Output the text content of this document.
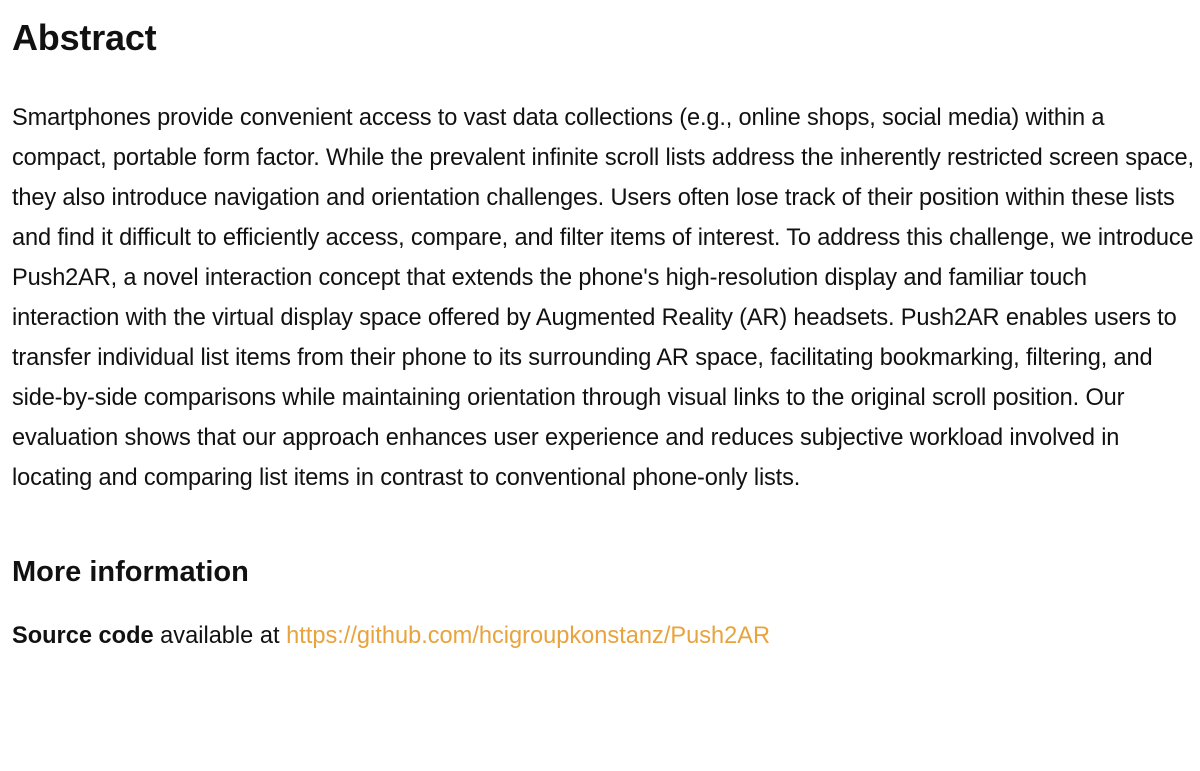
Abstract

Smartphones provide convenient access to vast data collections (e.g., online shops, social media) within a compact, portable form factor. While the prevalent infinite scroll lists address the inherently restricted screen space, they also introduce navigation and orientation challenges. Users often lose track of their position within these lists and find it difficult to efficiently access, compare, and filter items of interest. To address this challenge, we introduce Push2AR, a novel interaction concept that extends the phone's high-resolution display and familiar touch interaction with the virtual display space offered by Augmented Reality (AR) headsets. Push2AR enables users to transfer individual list items from their phone to its surrounding AR space, facilitating bookmarking, filtering, and side-by-side comparisons while maintaining orientation through visual links to the original scroll position. Our evaluation shows that our approach enhances user experience and reduces subjective workload involved in locating and comparing list items in contrast to conventional phone-only lists.

More information

Source code available at https://github.com/hcigroupkonstanz/Push2AR
